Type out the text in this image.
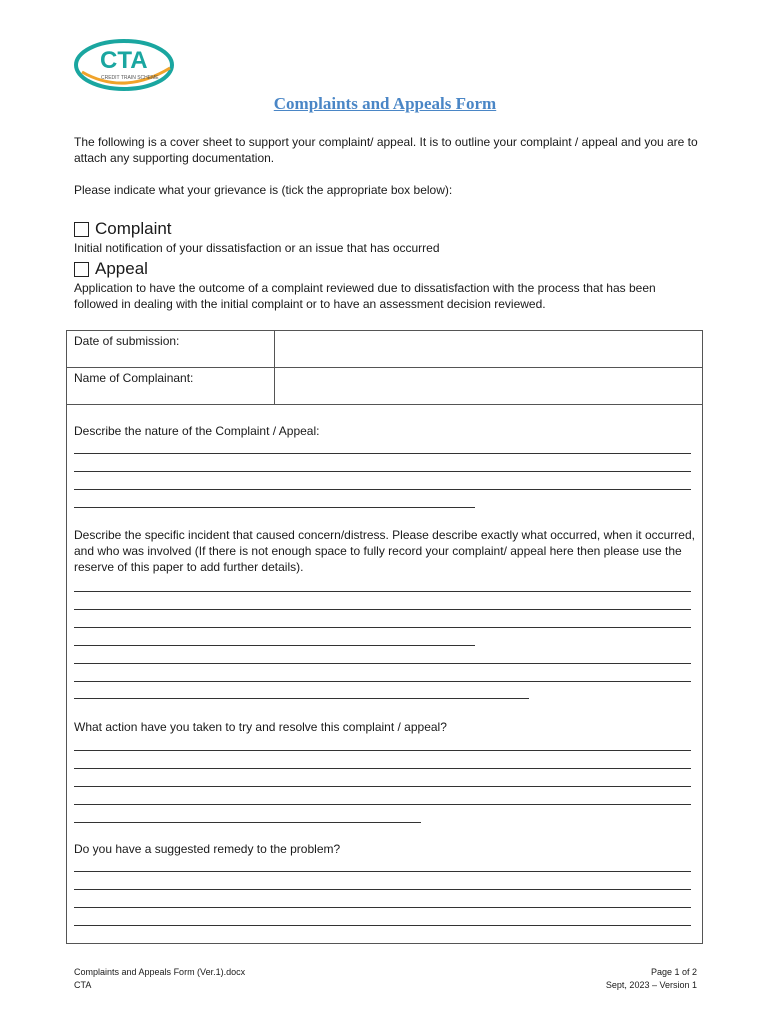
CTA
CREDIT TRAIN SCHEME
Complaints and Appeals Form
The following is a cover sheet to support your complaint/ appeal. It is to outline your complaint / appeal and you are to attach any supporting documentation.
Please indicate what your grievance is (tick the appropriate box below):
Complaint
Initial notification of your dissatisfaction or an issue that has occurred
Appeal
Application to have the outcome of a complaint reviewed due to dissatisfaction with the process that has been followed in dealing with the initial complaint or to have an assessment decision reviewed.
Date of submission:
Name of Complainant:
Describe the nature of the Complaint / Appeal:
Describe the specific incident that caused concern/distress. Please describe exactly what occurred, when it occurred, and who was involved (If there is not enough space to fully record your complaint/ appeal here then please use the reserve of this paper to add further details).
What action have you taken to try and resolve this complaint / appeal?
Do you have a suggested remedy to the problem?
Complaints and Appeals Form (Ver.1).docx
CTA
Page 1 of 2
Sept, 2023 – Version 1
